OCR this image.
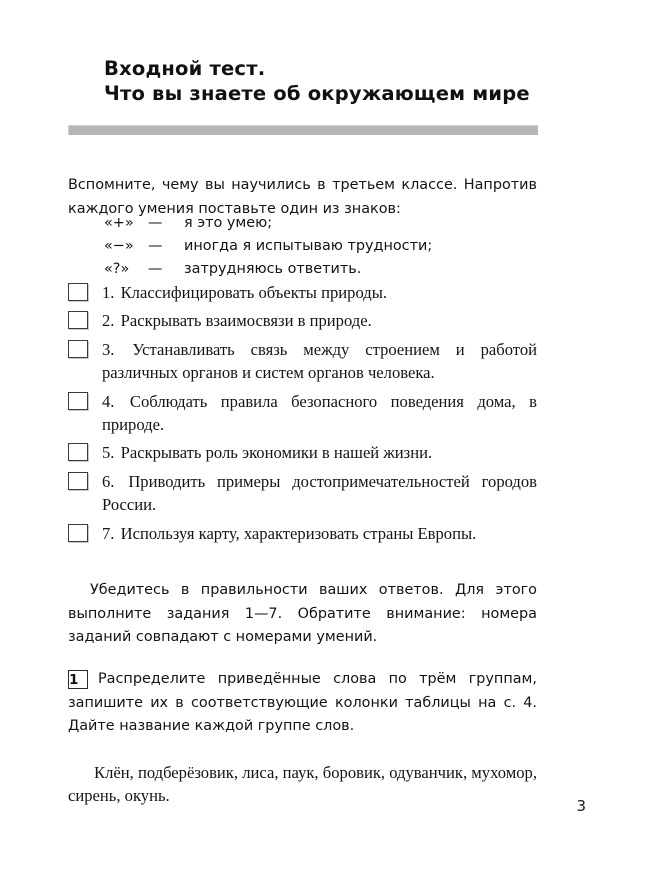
Входной тест.
Что вы знаете об окружающем мире

Вспомните, чему вы научились в третьем классе. Напротив каждого умения поставьте один из знаков:

«+» —	я это умею;
«−» —	иногда я испытываю трудности;
«?»	—	затрудняюсь ответить.
1. Классифицировать объекты природы.
2. Раскрывать взаимосвязи в природе.
3. Устанавливать связь между строением и работой различных органов и систем органов человека.
4. Соблюдать правила безопасного поведения дома, в природе.
5. Раскрывать роль экономики в нашей жизни.
6. Приводить примеры достопримечательностей городов России.
7. Используя карту, характеризовать страны Европы.

Убедитесь в правильности ваших ответов. Для этого выполните задания 1—7. Обратите внимание: номера заданий совпадают с номерами умений.

1	Распределите приведённые слова по трём группам, запишите их в соответствующие колонки таблицы на с. 4. Дайте название каждой группе слов.

Клён, подберёзовик, лиса, паук, боровик, одуванчик, мухомор, сирень, окунь.

3
